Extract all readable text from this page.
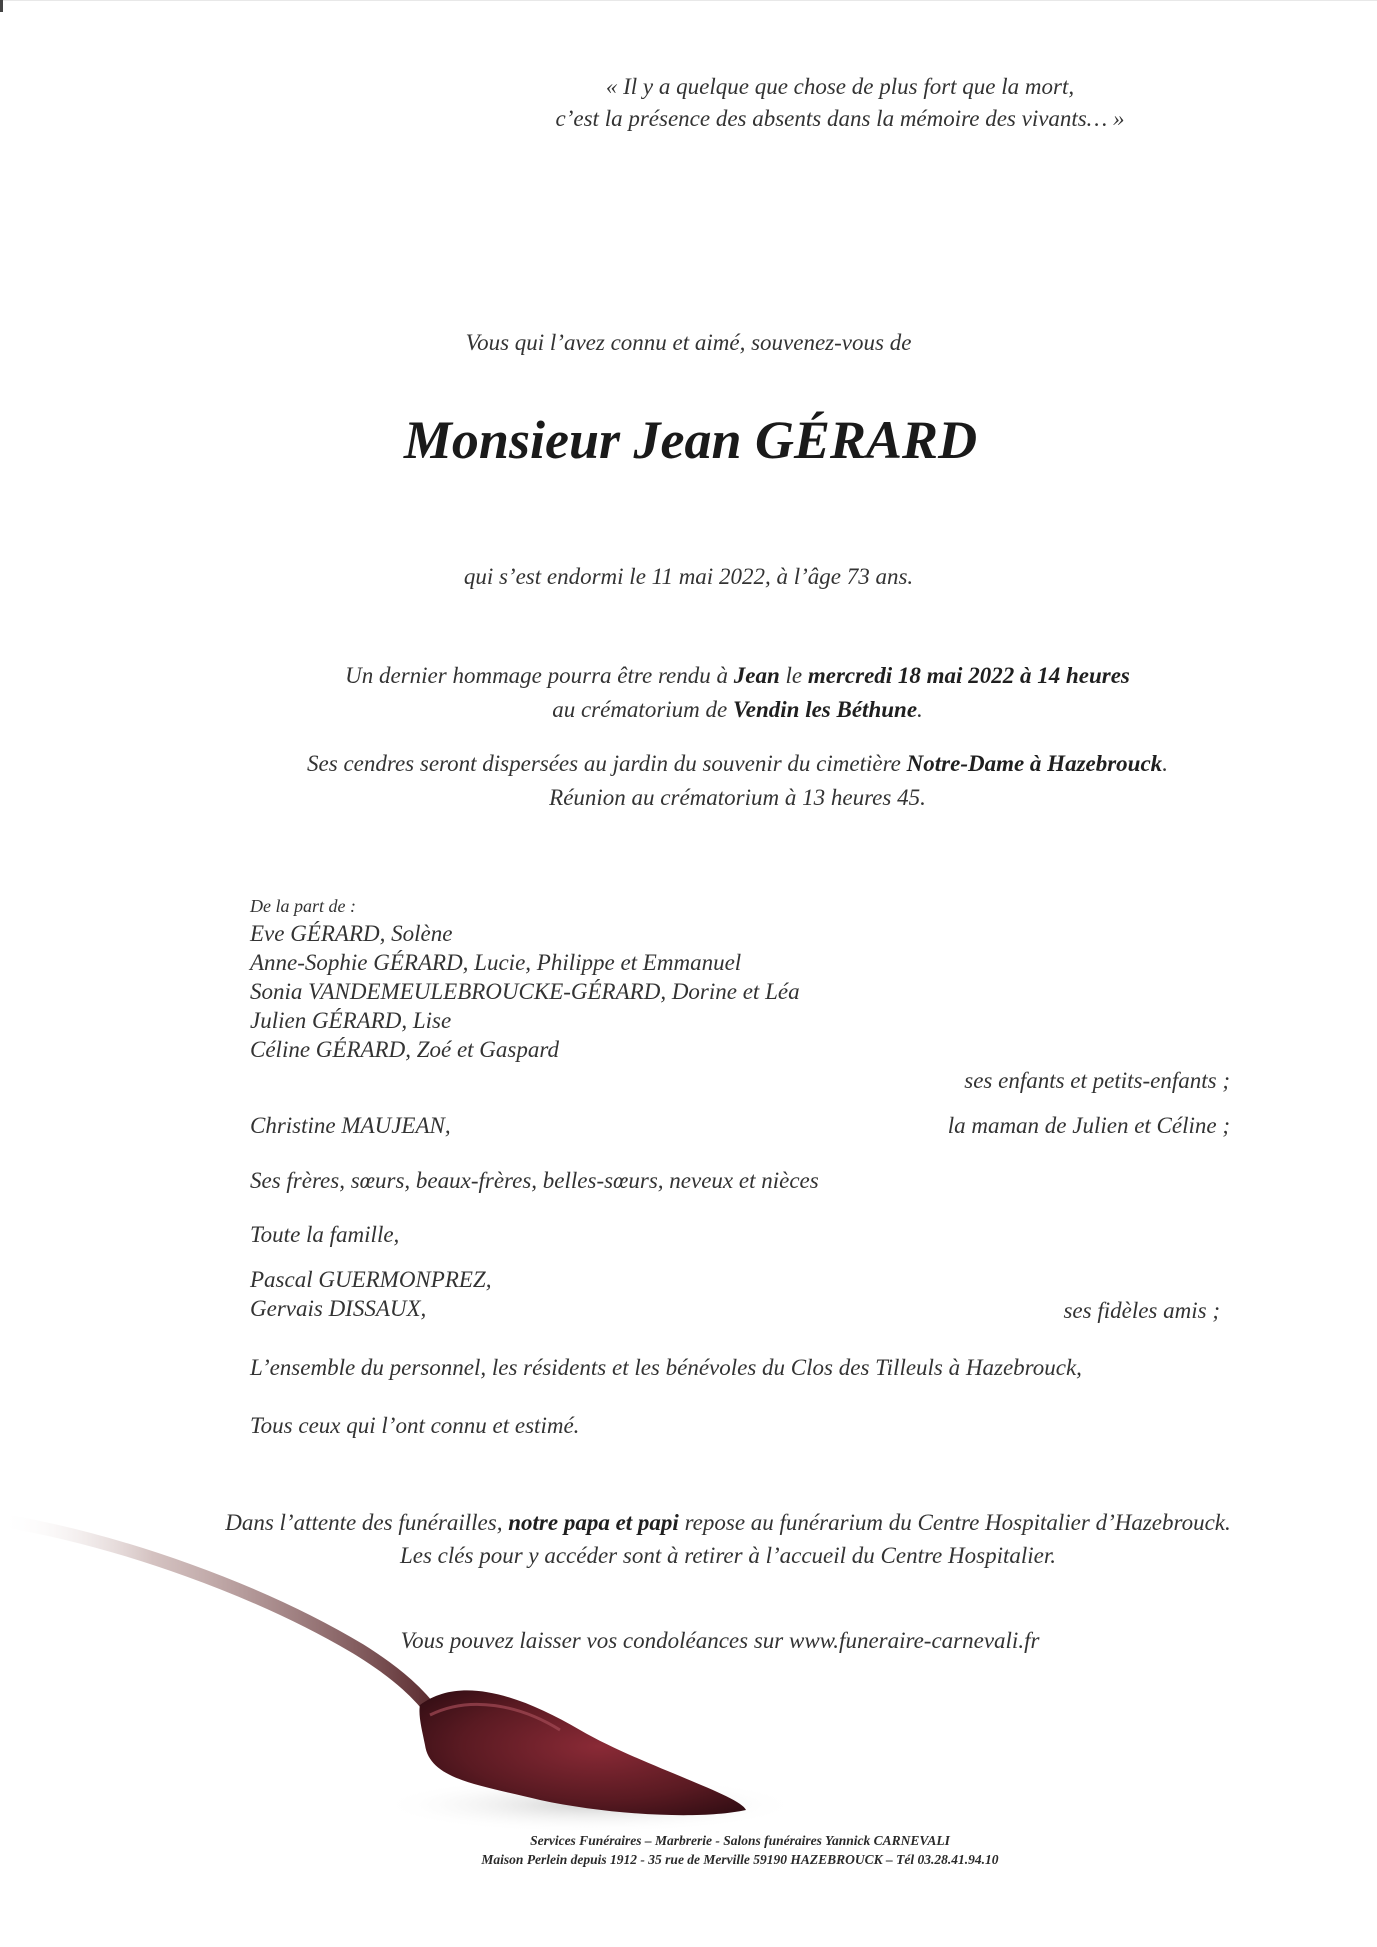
« Il y a quelque que chose de plus fort que la mort,
c’est la présence des absents dans la mémoire des vivants… »
Vous qui l’avez connu et aimé, souvenez-vous de
Monsieur Jean GÉRARD
qui s’est endormi le 11 mai 2022, à l’âge 73 ans.
Un dernier hommage pourra être rendu à Jean le mercredi 18 mai 2022 à 14 heures
au crématorium de Vendin les Béthune.
Ses cendres seront dispersées au jardin du souvenir du cimetière Notre-Dame à Hazebrouck.
Réunion au crématorium à 13 heures 45.
De la part de :
Eve GÉRARD, Solène
Anne-Sophie GÉRARD, Lucie, Philippe et Emmanuel
Sonia VANDEMEULEBROUCKE-GÉRARD, Dorine et Léa
Julien GÉRARD, Lise
Céline GÉRARD, Zoé et Gaspard
ses enfants et petits-enfants ;
Christine MAUJEAN,	la maman de Julien et Céline ;
Ses frères, sœurs, beaux-frères, belles-sœurs, neveux et nièces
Toute la famille,
Pascal GUERMONPREZ,
Gervais DISSAUX,	ses fidèles amis ;
L’ensemble du personnel, les résidents et les bénévoles du Clos des Tilleuls à Hazebrouck,
Tous ceux qui l’ont connu et estimé.
Dans l’attente des funérailles, notre papa et papi repose au funérarium du Centre Hospitalier d’Hazebrouck.
Les clés pour y accéder sont à retirer à l’accueil du Centre Hospitalier.
Vous pouvez laisser vos condoléances sur www.funeraire-carnevali.fr
Services Funéraires – Marbrerie - Salons funéraires Yannick CARNEVALI
Maison Perlein depuis 1912 - 35 rue de Merville 59190 HAZEBROUCK – Tél 03.28.41.94.10
